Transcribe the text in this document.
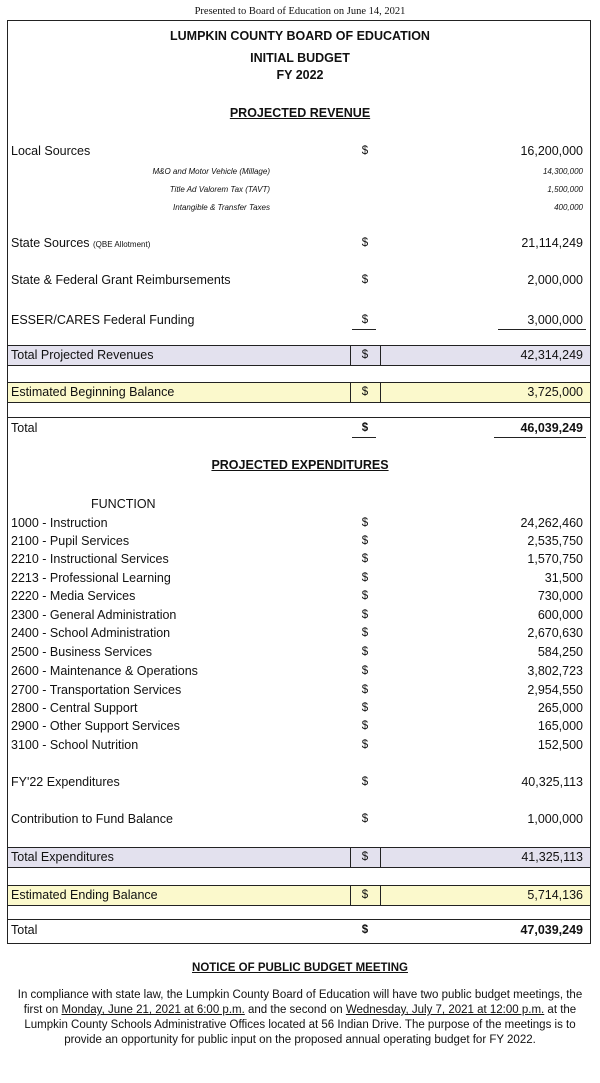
Presented to Board of Education on June 14, 2021
LUMPKIN COUNTY BOARD OF EDUCATION
INITIAL BUDGET
FY 2022
PROJECTED REVENUE
Local Sources	$	16,200,000
M&O and Motor Vehicle (Millage)	14,300,000
Title Ad Valorem Tax (TAVT)	1,500,000
Intangible & Transfer Taxes	400,000
State Sources (QBE Allotment)	$	21,114,249
State & Federal Grant Reimbursements	$	2,000,000
ESSER/CARES Federal Funding	$	3,000,000
Total Projected Revenues	$	42,314,249
Estimated Beginning Balance	$	3,725,000
Total	$	46,039,249
PROJECTED EXPENDITURES
FUNCTION
1000 - Instruction	$	24,262,460
2100 - Pupil Services	$	2,535,750
2210 - Instructional Services	$	1,570,750
2213 - Professional Learning	$	31,500
2220 - Media Services	$	730,000
2300 - General Administration	$	600,000
2400 - School Administration	$	2,670,630
2500 - Business Services	$	584,250
2600 - Maintenance & Operations	$	3,802,723
2700 - Transportation Services	$	2,954,550
2800 - Central Support	$	265,000
2900 - Other Support Services	$	165,000
3100 - School Nutrition	$	152,500
FY'22 Expenditures	$	40,325,113
Contribution to Fund Balance	$	1,000,000
Total Expenditures	$	41,325,113
Estimated Ending Balance	$	5,714,136
Total	$	47,039,249
NOTICE OF PUBLIC BUDGET MEETING
In compliance with state law, the Lumpkin County Board of Education will have two public budget meetings, the first on Monday, June 21, 2021 at 6:00 p.m. and the second on Wednesday, July 7, 2021 at 12:00 p.m. at the Lumpkin County Schools Administrative Offices located at 56 Indian Drive. The purpose of the meetings is to provide an opportunity for public input on the proposed annual operating budget for FY 2022.
